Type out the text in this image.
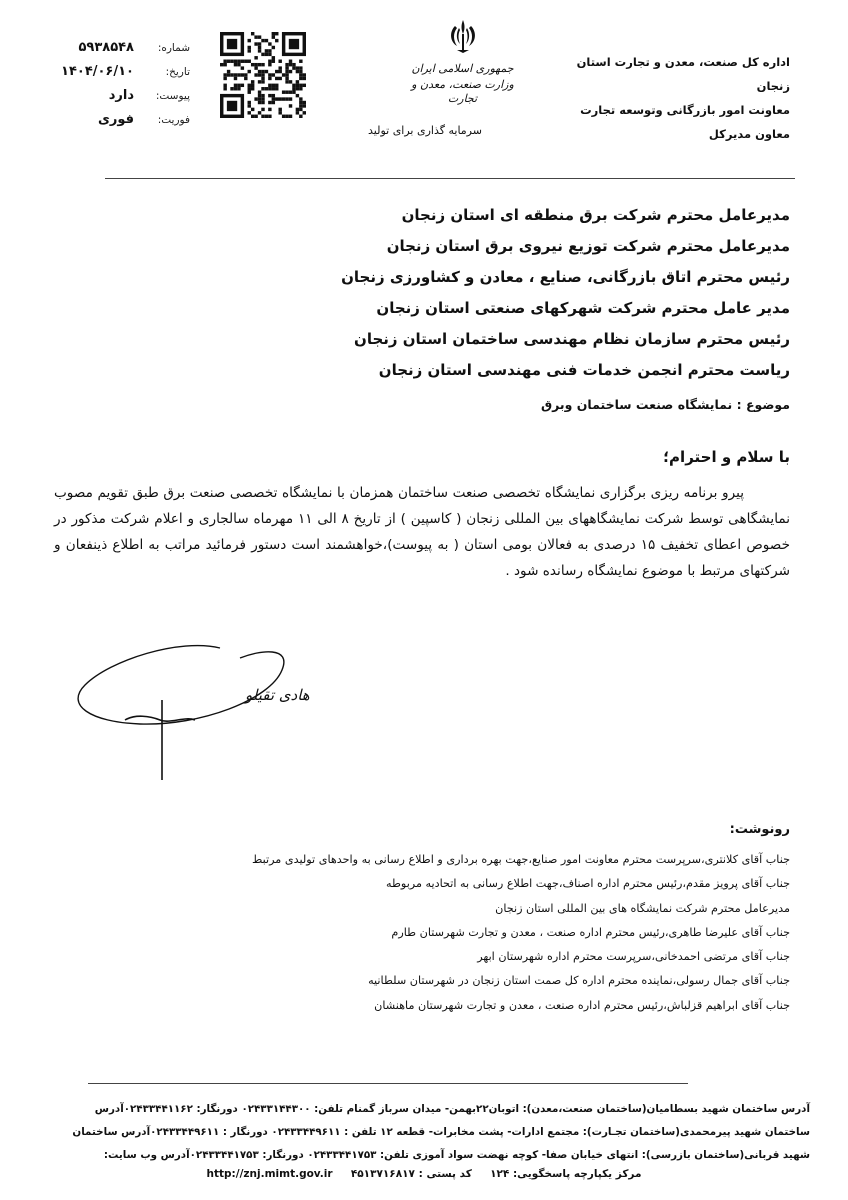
اداره کل صنعت، معدن و تجارت استان زنجان
معاونت امور بازرگانی وتوسعه تجارت
معاون مدیرکل
جمهوری اسلامی ایران
وزارت صنعت، معدن و تجارت
سرمایه گذاری برای تولید
شماره:
۵۹۳۸۵۴۸
تاریخ:
۱۴۰۴/۰۶/۱۰
پیوست:
دارد
فوریت:
فوری
مدیرعامل محترم شرکت برق منطقه ای استان زنجان
مدیرعامل محترم شرکت توزیع نیروی برق استان زنجان
رئیس محترم اتاق بازرگانی، صنایع ، معادن و کشاورزی زنجان
مدیر عامل محترم شرکت شهرکهای صنعتی استان زنجان
رئیس محترم سازمان نظام مهندسی ساختمان استان زنجان
ریاست محترم انجمن خدمات فنی مهندسی استان زنجان
موضوع : نمایشگاه صنعت ساختمان وبرق
با سلام و احترام؛

پیرو برنامه ریزی برگزاری نمایشگاه تخصصی صنعت ساختمان همزمان با نمایشگاه تخصصی صنعت برق طبق تقویم مصوب نمایشگاهی توسط شرکت نمایشگاههای بین المللی زنجان ( کاسپین ) از تاریخ ۸ الی ۱۱ مهرماه سالجاری و اعلام شرکت مذکور در خصوص اعطای تخفیف ۱۵ درصدی به فعالان بومی استان ( به پیوست)،خواهشمند است دستور فرمائید مراتب به اطلاع ذینفعان و شرکتهای مرتبط با موضوع نمایشگاه رسانده شود .

هادی تقیلو
رونوشت:
جناب آقای کلانتری،سرپرست محترم معاونت امور صنایع،جهت بهره برداری و اطلاع رسانی به واحدهای تولیدی مرتبط
جناب آقای پرویز مقدم،رئیس محترم اداره اصناف،جهت اطلاع رسانی به اتحادیه مربوطه
مدیرعامل محترم شرکت نمایشگاه های بین المللی استان زنجان
جناب آقای علیرضا طاهری،رئیس محترم اداره صنعت ، معدن و تجارت شهرستان طارم
جناب آقای مرتضی احمدخانی،سرپرست محترم اداره شهرستان ابهر
جناب آقای جمال رسولی،نماینده محترم اداره کل صمت استان زنجان در شهرستان سلطانیه
جناب آقای ابراهیم قزلباش،رئیس محترم اداره صنعت ، معدن و تجارت شهرستان ماهنشان
آدرس ساختمان شهید بسطامیان(ساختمان صنعت،معدن): اتوبان۲۲بهمن- میدان سرباز گمنام تلفن: ۰۲۴۳۳۱۴۴۳۰۰ دورنگار: ۰۲۴۳۳۴۴۱۱۶۲آدرس
ساختمان شهید پیرمحمدی(ساختمان تجـارت): مجتمع ادارات- پشت مخابرات- قطعه ۱۲ تلفن : ۰۲۴۳۳۴۴۹۶۱۱ دورنگار : ۰۲۴۳۳۴۴۹۶۱۱آدرس ساختمان
شهید قربانی(ساختمان بازرسی): انتهای خیابان صفا- کوچه نهضت سواد آموزی تلفن: ۰۲۴۳۳۴۴۱۷۵۳ دورنگار: ۰۲۴۳۳۴۴۱۷۵۳آدرس وب سایت:
مرکز یکپارچه پاسخگویی: ۱۲۴     کد پستی : ۴۵۱۳۷۱۶۸۱۷     http://znj.mimt.gov.ir
